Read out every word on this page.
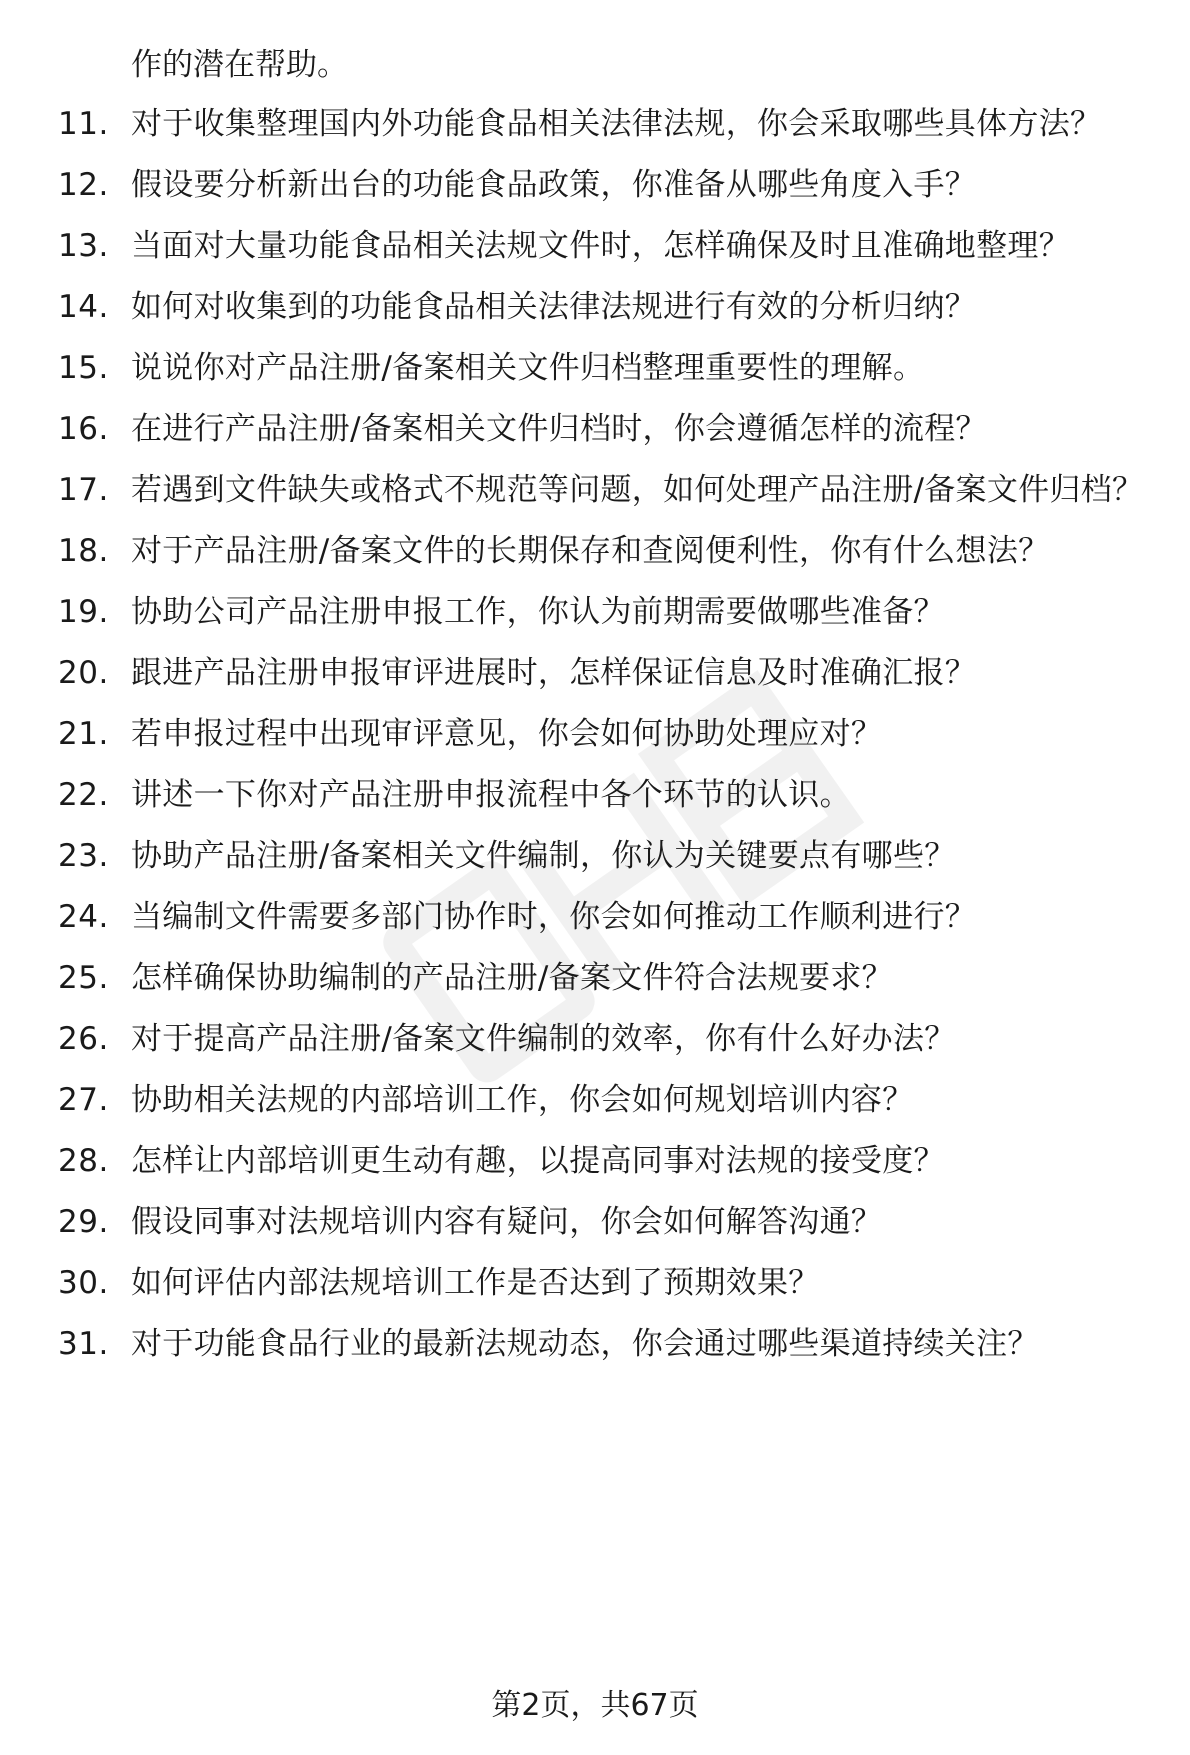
作的潜在帮助。
11. 对于收集整理国内外功能食品相关法律法规，你会采取哪些具体方法？
12. 假设要分析新出台的功能食品政策，你准备从哪些角度入手？
13. 当面对大量功能食品相关法规文件时，怎样确保及时且准确地整理？
14. 如何对收集到的功能食品相关法律法规进行有效的分析归纳？
15. 说说你对产品注册/备案相关文件归档整理重要性的理解。
16. 在进行产品注册/备案相关文件归档时，你会遵循怎样的流程？
17. 若遇到文件缺失或格式不规范等问题，如何处理产品注册/备案文件归档？
18. 对于产品注册/备案文件的长期保存和查阅便利性，你有什么想法？
19. 协助公司产品注册申报工作，你认为前期需要做哪些准备？
20. 跟进产品注册申报审评进展时，怎样保证信息及时准确汇报？
21. 若申报过程中出现审评意见，你会如何协助处理应对？
22. 讲述一下你对产品注册申报流程中各个环节的认识。
23. 协助产品注册/备案相关文件编制，你认为关键要点有哪些？
24. 当编制文件需要多部门协作时，你会如何推动工作顺利进行？
25. 怎样确保协助编制的产品注册/备案文件符合法规要求？
26. 对于提高产品注册/备案文件编制的效率，你有什么好办法？
27. 协助相关法规的内部培训工作，你会如何规划培训内容？
28. 怎样让内部培训更生动有趣，以提高同事对法规的接受度？
29. 假设同事对法规培训内容有疑问，你会如何解答沟通？
30. 如何评估内部法规培训工作是否达到了预期效果？
31. 对于功能食品行业的最新法规动态，你会通过哪些渠道持续关注？
第2页，共67页
